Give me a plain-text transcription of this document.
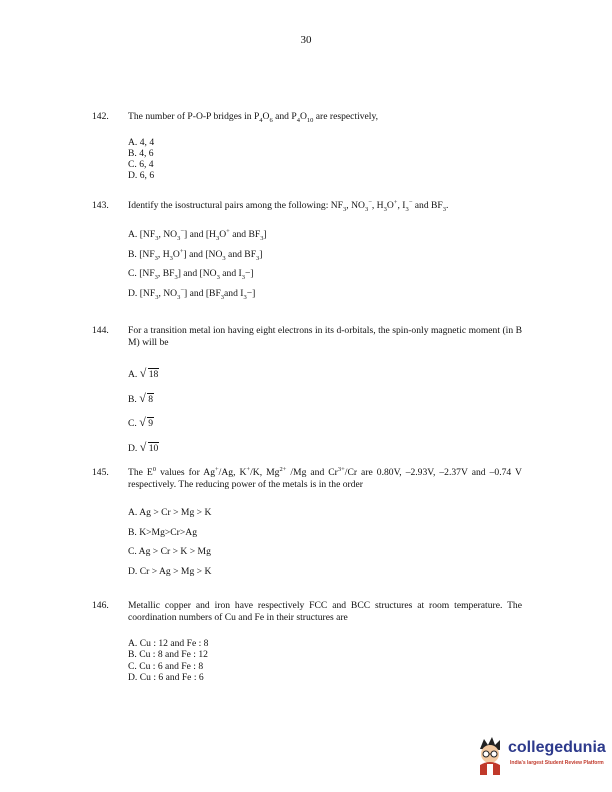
30
142. The number of P-O-P bridges in $P_4O_6$ and $P_4O_{10}$ are respectively,
A. 4, 4
B. 4, 6
C. 6, 4
D. 6, 6
143. Identify the isostructural pairs among the following: $NF_3$, $NO_3^-$, $H_3O^+$, $I_3^-$ and $BF_3$.
A. [$NF_3$, $NO_3^-$] and [$H_3O^+$ and $BF_3$]
B. [$NF_3$, $H_3O^+$] and [$NO_3$ and $BF_3$]
C. [$NF_3$, $BF_3$] and [$NO_3$ and $I_3-$]
D. [$NF_3$, $NO_3^-$] and [$BF_3and$ $I_3-$]
144. For a transition metal ion having eight electrons in its d-orbitals, the spin-only magnetic moment (in B M) will be
A. √ 18
B. √ 8
C. √ 9
D. √ 10
145. The $E^0$ values for Ag+/Ag, K+/K, $Mg^{2+}$ /Mg and $Cr^{3+}/Cr$ are 0.80V, –2.93V, –2.37V and –0.74 V respectively. The reducing power of the metals is in the order
A. Ag > Cr > Mg > K
B. K>Mg>Cr>Ag
C. Ag > Cr > K > Mg
D. Cr > Ag > Mg > K
146. Metallic copper and iron have respectively FCC and BCC structures at room temperature. The coordination numbers of Cu and Fe in their structures are
A. Cu : 12 and Fe : 8
B. Cu : 8 and Fe : 12
C. Cu : 6 and Fe : 8
D. Cu : 6 and Fe : 6
collegedunia
India's largest Student Review Platform
